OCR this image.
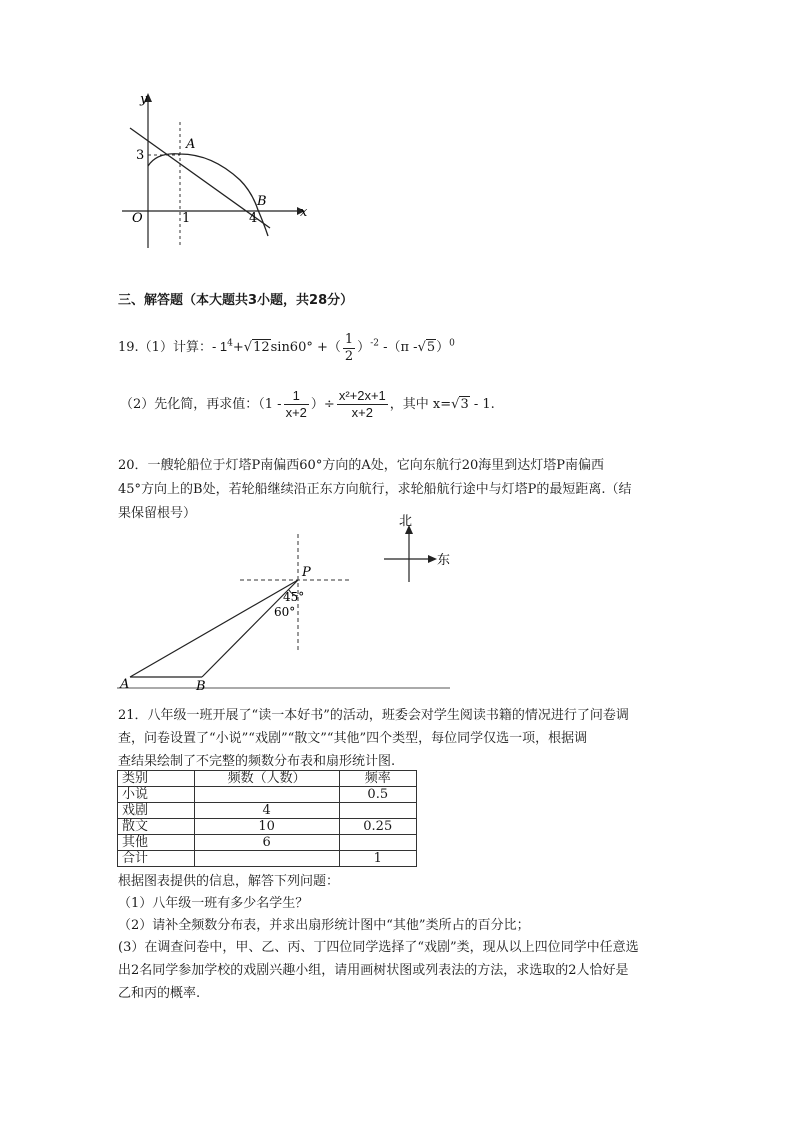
y
x
O
3
1	4
A
B
三、解答题（本大题共3小题，共28分）
19.（1）计算：- $1^4+√12\sin 60^\circ$ +（ $\frac{1}{2} )^{-2}$ -（π -√5）$^0$
（2）先化简，再求值：（$1 - \frac{1}{x+2}$ ）÷ $\frac{\text{x²+2x+1}}{x+2}$ ，其中 x=√3 - 1.
20．一艘轮船位于灯塔P南偏西60°方向的A处，它向东航行20海里到达灯塔P南偏西
45°方向上的B处，若轮船继续沿正东方向航行，求轮船航行途中与灯塔P的最短距离.（结
果保留根号）
P
A	B
45°
60°
北
东
21．八年级一班开展了“读一本好书”的活动，班委会对学生阅读书籍的情况进行了问卷调
查，问卷设置了“小说”“戏剧”“散文”“其他”四个类型，每位同学仅选一项，根据调
查结果绘制了不完整的频数分布表和扇形统计图.
类别	频数（人数）	频率
小说		0.5
戏剧	4	
散文	10	0.25
其他	6	
合计		1
根据图表提供的信息，解答下列问题：
（1）八年级一班有多少名学生？
（2）请补全频数分布表，并求出扇形统计图中“其他”类所占的百分比；
(3）在调查问卷中，甲、乙、丙、丁四位同学选择了“戏剧”类，现从以上四位同学中任意选
出2名同学参加学校的戏剧兴趣小组，请用画树状图或列表法的方法，求选取的2人恰好是
乙和丙的概率.
